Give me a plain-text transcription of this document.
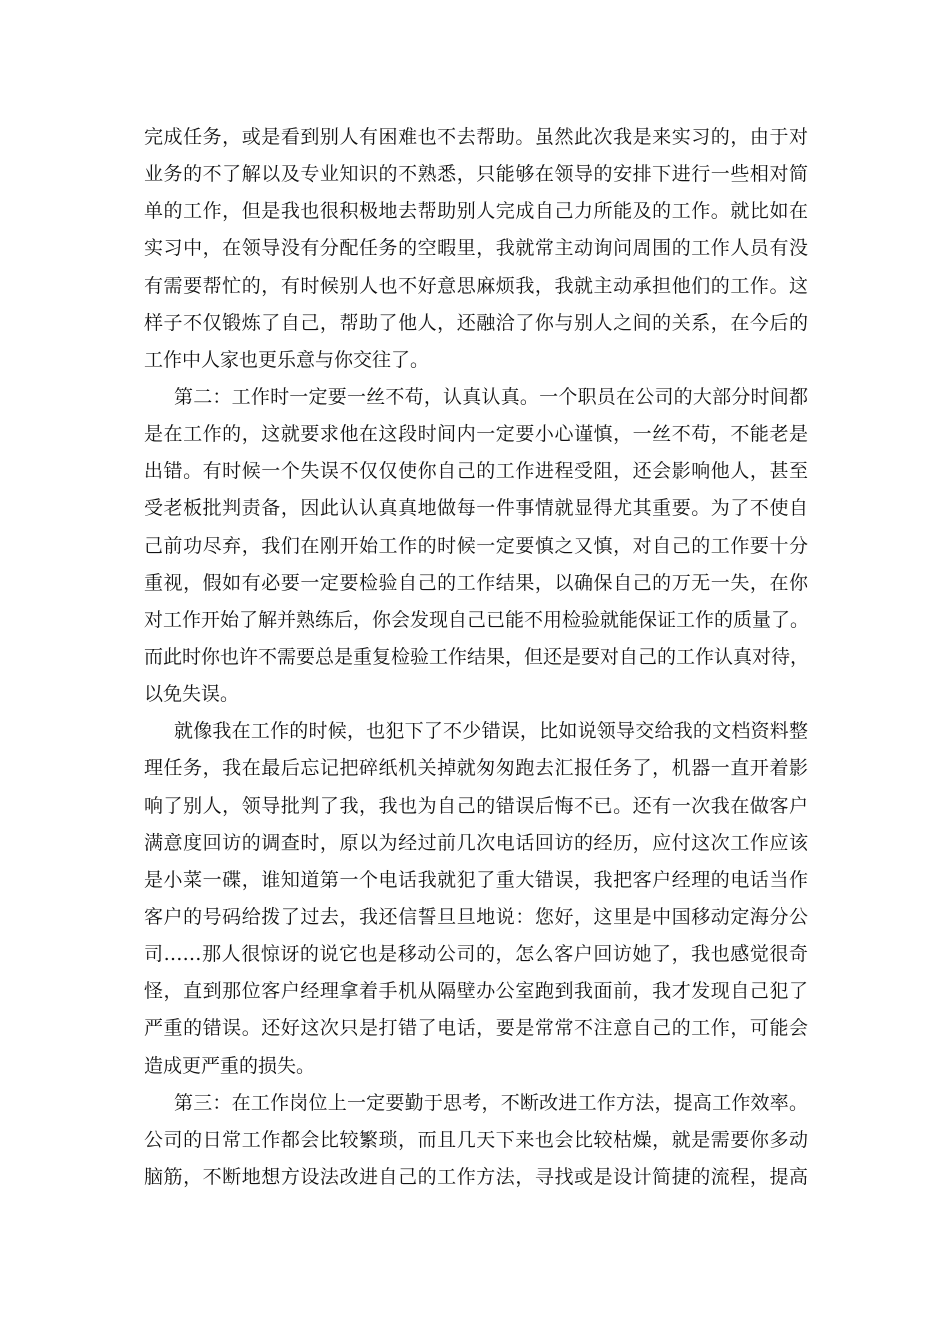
完成任务，或是看到别人有困难也不去帮助。虽然此次我是来实习的，由于对
业务的不了解以及专业知识的不熟悉，只能够在领导的安排下进行一些相对简
单的工作，但是我也很积极地去帮助别人完成自己力所能及的工作。就比如在
实习中，在领导没有分配任务的空暇里，我就常主动询问周围的工作人员有没
有需要帮忙的，有时候别人也不好意思麻烦我，我就主动承担他们的工作。这
样子不仅锻炼了自己，帮助了他人，还融洽了你与别人之间的关系，在今后的
工作中人家也更乐意与你交往了。
第二：工作时一定要一丝不苟，认真认真。一个职员在公司的大部分时间都
是在工作的，这就要求他在这段时间内一定要小心谨慎，一丝不苟，不能老是
出错。有时候一个失误不仅仅使你自己的工作进程受阻，还会影响他人，甚至
受老板批判责备，因此认认真真地做每一件事情就显得尤其重要。为了不使自
己前功尽弃，我们在刚开始工作的时候一定要慎之又慎，对自己的工作要十分
重视，假如有必要一定要检验自己的工作结果，以确保自己的万无一失，在你
对工作开始了解并熟练后，你会发现自己已能不用检验就能保证工作的质量了。
而此时你也许不需要总是重复检验工作结果，但还是要对自己的工作认真对待，
以免失误。
就像我在工作的时候，也犯下了不少错误，比如说领导交给我的文档资料整
理任务，我在最后忘记把碎纸机关掉就匆匆跑去汇报任务了，机器一直开着影
响了别人，领导批判了我，我也为自己的错误后悔不已。还有一次我在做客户
满意度回访的调查时，原以为经过前几次电话回访的经历，应付这次工作应该
是小菜一碟，谁知道第一个电话我就犯了重大错误，我把客户经理的电话当作
客户的号码给拨了过去，我还信誓旦旦地说：您好，这里是中国移动定海分公
司……那人很惊讶的说它也是移动公司的，怎么客户回访她了，我也感觉很奇
怪，直到那位客户经理拿着手机从隔壁办公室跑到我面前，我才发现自己犯了
严重的错误。还好这次只是打错了电话，要是常常不注意自己的工作，可能会
造成更严重的损失。
第三：在工作岗位上一定要勤于思考，不断改进工作方法，提高工作效率。
公司的日常工作都会比较繁琐，而且几天下来也会比较枯燥，就是需要你多动
脑筋，不断地想方设法改进自己的工作方法，寻找或是设计简捷的流程，提高
